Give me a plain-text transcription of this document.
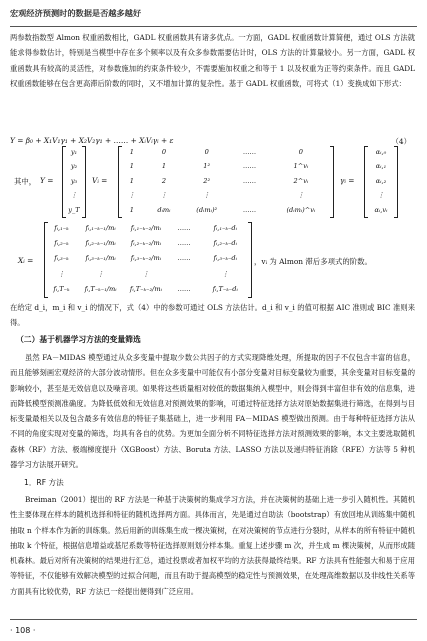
宏观经济预测时的数据是否越多越好

两参数指数型 Almon 权重函数相比，GADL 权重函数具有诸多优点。一方面，GADL 权重函数计算简便，通过 OLS 方法就能求得参数估计，特别是当模型中存在多个频率以及有众多参数需要估计时，OLS 方法的计算量较小。另一方面，GADL 权重函数具有较高的灵活性，对参数施加的约束条件较少，不需要施加权重之和等于 1 以及权重为正等约束条件。而且 GADL 权重函数能够在包含更高滞后阶数的同时，又不增加计算的复杂性。基于 GADL 权重函数，可将式（1）变换成如下形式：

Y = β₀ + X₁V₁γ₁ + X₂V₂γ₁ + …… + XᵢVᵢγᵢ + ε	（4）
其中， Y =
y₁
y₂
y₃
⋮
y_T
Vᵢ =
1	0	0	……	0
1	1	1²	……	1^vᵢ
1	2	2²	……	2^vᵢ
⋮	⋮	⋮	⋮
1	dᵢmᵢ	(dᵢmᵢ)²	……	(dᵢmᵢ)^vᵢ
γᵢ =
αᵢ,₀
αᵢ,₁
αᵢ,₂
⋮
αᵢ,vᵢ
Xᵢ =
fᵢ,₁₋ₖ	fᵢ,₁₋ₖ₋₁/mᵢ	fᵢ,₁₋ₖ₋₂/mᵢ	……	fᵢ,₁₋ₖ₋dᵢ
fᵢ,₂₋ₖ	fᵢ,₂₋ₖ₋₁/mᵢ	fᵢ,₂₋ₖ₋₂/mᵢ	……	fᵢ,₂₋ₖ₋dᵢ
fᵢ,₃₋ₖ	fᵢ,₃₋ₖ₋₁/mᵢ	fᵢ,₃₋ₖ₋₂/mᵢ	……	fᵢ,₃₋ₖ₋dᵢ
⋮	⋮	⋮	⋮
fᵢ,T₋ₖ	fᵢ,T₋ₖ₋₁/mᵢ	fᵢ,T₋ₖ₋₂/mᵢ	……	fᵢ,T₋ₖ₋dᵢ
，vᵢ 为 Almon 滞后多项式的阶数。

在给定 d_i，m_i 和 v_i 的情况下，式（4）中的参数可通过 OLS 方法估计。d_i 和 v_i 的值可根据 AIC 准则或 BIC 准则来得。

（二）基于机器学习方法的变量筛选

虽然 FA－MIDAS 模型通过从众多变量中提取少数公共因子的方式实现降维处理，所提取的因子不仅包含丰富的信息，而且能够刻画宏观经济的大部分波动情形。但在众多变量中可能仅有小部分变量对目标变量较为重要，其余变量对目标变量的影响较小，甚至是无效信息以及噪音项。如果将这些质量相对较低的数据集纳入模型中，则会得到丰富但非有效的信息集，进而降低模型预测准确度。为降低低效和无效信息对预测效果的影响，可通过特征选择方法对原始数据集进行筛选，在得到与目标变量最相关以及包含最多有效信息的特征子集基础上，进一步利用 FA－MIDAS 模型做出预测。由于每种特征选择方法从不同的角度实现对变量的筛选，均具有各自的优势。为更加全面分析不同特征选择方法对预测效果的影响，本文主要选取随机森林（RF）方法、极端梯度提升（XGBoost）方法、Boruta 方法、LASSO 方法以及递归特征消除（RFE）方法等 5 种机器学习方法展开研究。

1．RF 方法

Breiman（2001）提出的 RF 方法是一种基于决策树的集成学习方法，并在决策树的基础上进一步引入随机性。其随机性主要体现在样本的随机选择和特征的随机选择两方面。具体而言，先是通过自助法（bootstrap）有放回地从训练集中随机抽取 n 个样本作为新的训练集。然后用新的训练集生成一棵决策树，在对决策树的节点进行分裂时，从样本的所有特征中随机抽取 k 个特征，根据信息增益或基尼系数等特征选择原则划分样本集。重复上述步骤 m 次，并生成 m 棵决策树，从而形成随机森林。最后对所有决策树的结果进行汇总，通过投票或者加权平均的方法获得最终结果。RF 方法具有性能强大和易于应用等特征，不仅能够有效解决模型的过拟合问题，而且有助于提高模型的稳定性与预测效果，在处理高维数据以及非线性关系等方面具有比较优势，RF 方法已一经提出便得到广泛应用。

· 108 ·
